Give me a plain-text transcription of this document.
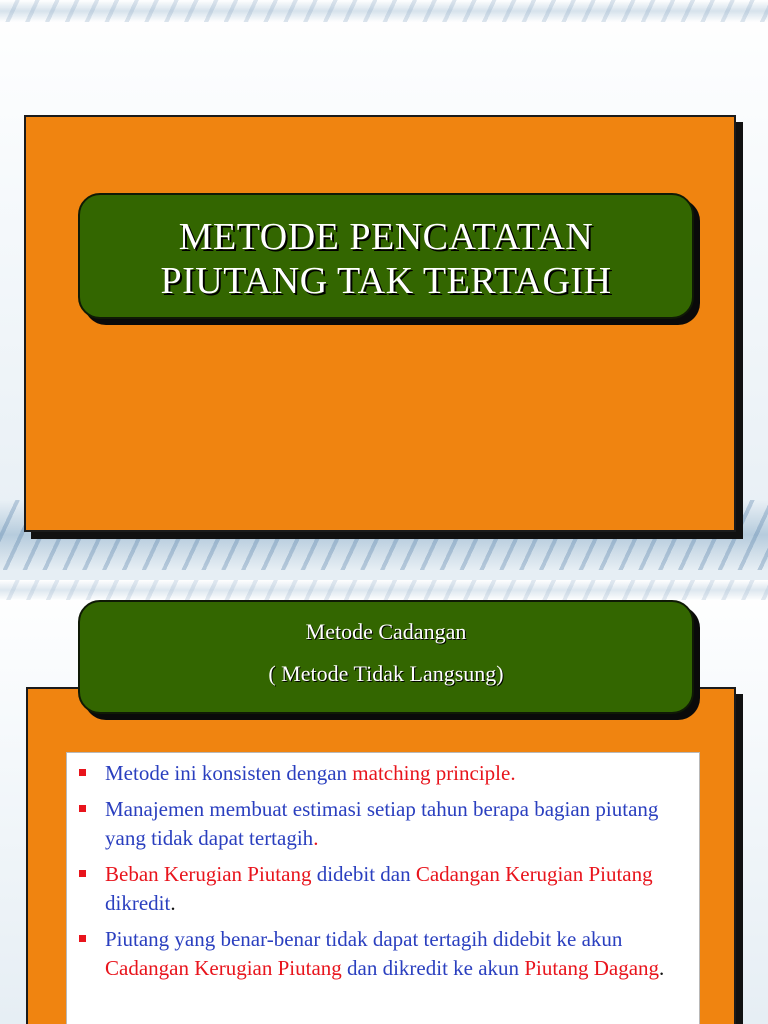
METODE PENCATATAN
PIUTANG TAK TERTAGIH
Metode Cadangan
( Metode Tidak Langsung)
Metode ini konsisten dengan matching principle.
Manajemen membuat estimasi setiap tahun berapa bagian piutang yang tidak dapat tertagih.
Beban Kerugian Piutang didebit dan Cadangan Kerugian Piutang dikredit.
Piutang yang benar-benar tidak dapat tertagih didebit ke akun Cadangan Kerugian Piutang dan dikredit ke akun Piutang Dagang.
